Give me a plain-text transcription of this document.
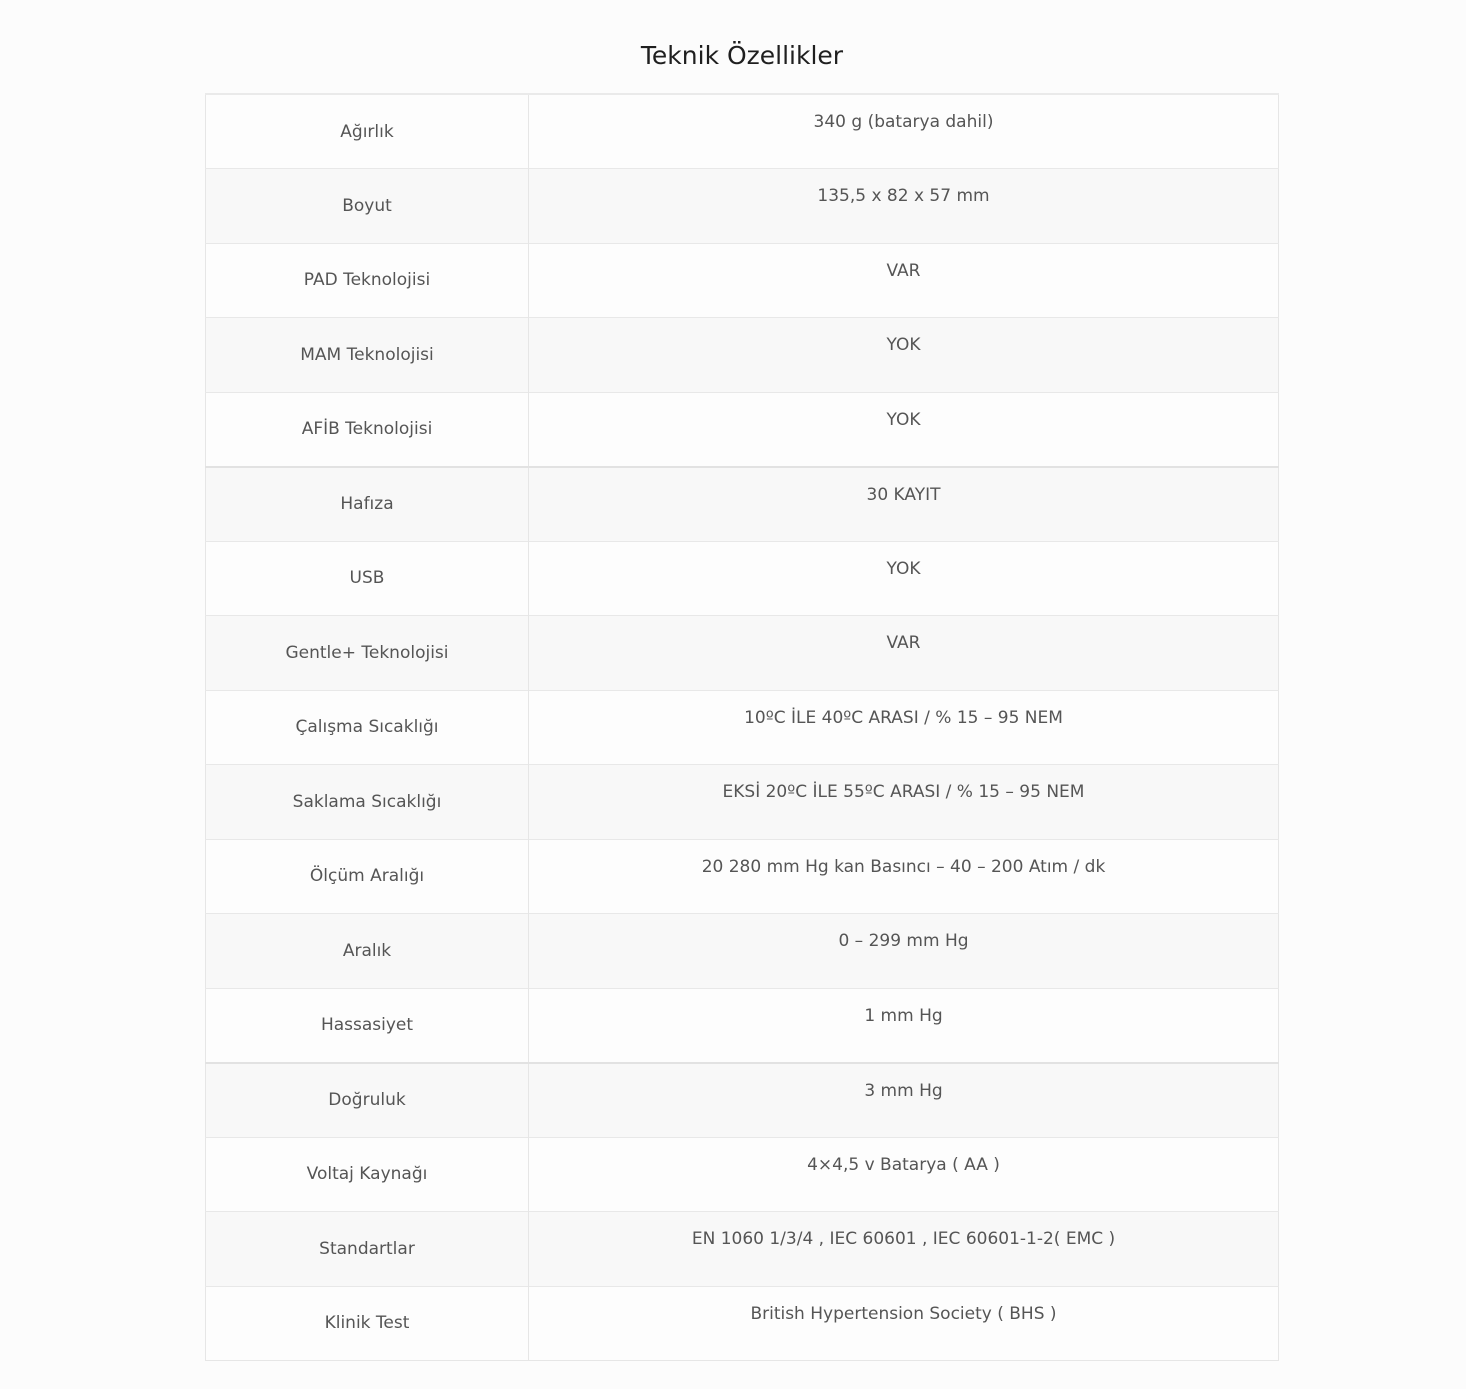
Teknik Özellikler
Ağırlık	340 g (batarya dahil)
Boyut	135,5 x 82 x 57 mm
PAD Teknolojisi	VAR
MAM Teknolojisi	YOK
AFİB Teknolojisi	YOK
Hafıza	30 KAYIT
USB	YOK
Gentle+ Teknolojisi	VAR
Çalışma Sıcaklığı	10ºC İLE 40ºC ARASI / % 15 – 95 NEM
Saklama Sıcaklığı	EKSİ 20ºC İLE 55ºC ARASI / % 15 – 95 NEM
Ölçüm Aralığı	20 280 mm Hg kan Basıncı – 40 – 200 Atım / dk
Aralık	0 – 299 mm Hg
Hassasiyet	1 mm Hg
Doğruluk	3 mm Hg
Voltaj Kaynağı	4×4,5 v Batarya ( AA )
Standartlar	EN 1060 1/3/4 , IEC 60601 , IEC 60601-1-2( EMC )
Klinik Test	British Hypertension Society ( BHS )
